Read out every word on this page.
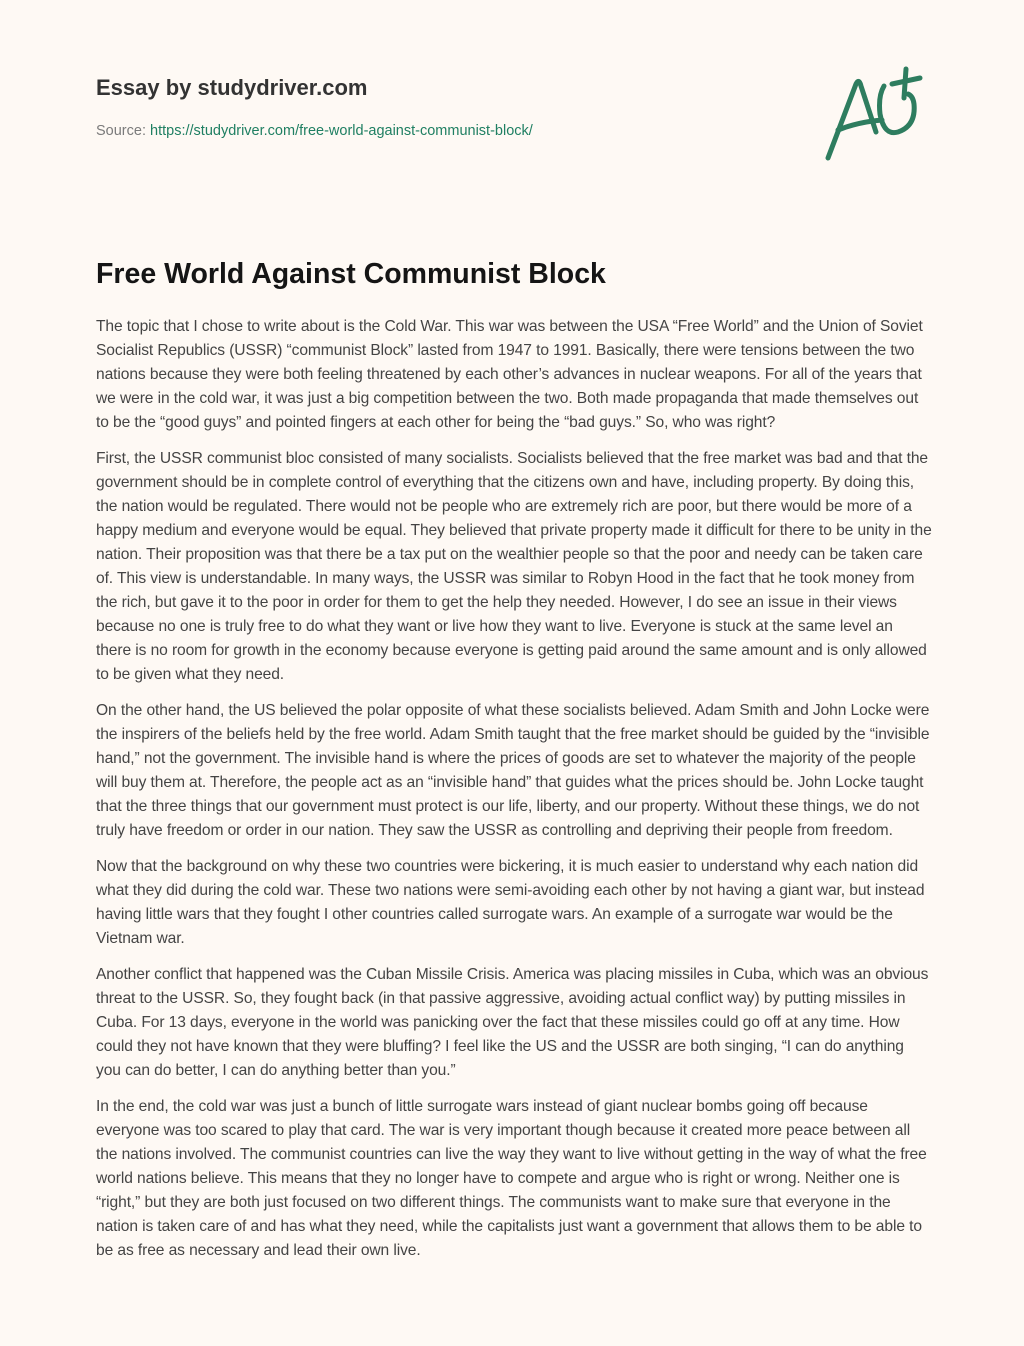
Essay by studydriver.com
Source: https://studydriver.com/free-world-against-communist-block/
Free World Against Communist Block

The topic that I chose to write about is the Cold War. This war was between the USA “Free World” and the Union of Soviet Socialist Republics (USSR) “communist Block” lasted from 1947 to 1991. Basically, there were tensions between the two nations because they were both feeling threatened by each other’s advances in nuclear weapons. For all of the years that we were in the cold war, it was just a big competition between the two. Both made propaganda that made themselves out to be the “good guys” and pointed fingers at each other for being the “bad guys.” So, who was right?

First, the USSR communist bloc consisted of many socialists. Socialists believed that the free market was bad and that the government should be in complete control of everything that the citizens own and have, including property. By doing this, the nation would be regulated. There would not be people who are extremely rich are poor, but there would be more of a happy medium and everyone would be equal. They believed that private property made it difficult for there to be unity in the nation. Their proposition was that there be a tax put on the wealthier people so that the poor and needy can be taken care of. This view is understandable. In many ways, the USSR was similar to Robyn Hood in the fact that he took money from the rich, but gave it to the poor in order for them to get the help they needed. However, I do see an issue in their views because no one is truly free to do what they want or live how they want to live. Everyone is stuck at the same level an there is no room for growth in the economy because everyone is getting paid around the same amount and is only allowed to be given what they need.

On the other hand, the US believed the polar opposite of what these socialists believed. Adam Smith and John Locke were the inspirers of the beliefs held by the free world. Adam Smith taught that the free market should be guided by the “invisible hand,” not the government. The invisible hand is where the prices of goods are set to whatever the majority of the people will buy them at. Therefore, the people act as an “invisible hand” that guides what the prices should be. John Locke taught that the three things that our government must protect is our life, liberty, and our property. Without these things, we do not truly have freedom or order in our nation. They saw the USSR as controlling and depriving their people from freedom.

Now that the background on why these two countries were bickering, it is much easier to understand why each nation did what they did during the cold war. These two nations were semi-avoiding each other by not having a giant war, but instead having little wars that they fought I other countries called surrogate wars. An example of a surrogate war would be the Vietnam war.

Another conflict that happened was the Cuban Missile Crisis. America was placing missiles in Cuba, which was an obvious threat to the USSR. So, they fought back (in that passive aggressive, avoiding actual conflict way) by putting missiles in Cuba. For 13 days, everyone in the world was panicking over the fact that these missiles could go off at any time. How could they not have known that they were bluffing? I feel like the US and the USSR are both singing, “I can do anything you can do better, I can do anything better than you.”

In the end, the cold war was just a bunch of little surrogate wars instead of giant nuclear bombs going off because everyone was too scared to play that card. The war is very important though because it created more peace between all the nations involved. The communist countries can live the way they want to live without getting in the way of what the free world nations believe. This means that they no longer have to compete and argue who is right or wrong. Neither one is “right,” but they are both just focused on two different things. The communists want to make sure that everyone in the nation is taken care of and has what they need, while the capitalists just want a government that allows them to be able to be as free as necessary and lead their own live.
